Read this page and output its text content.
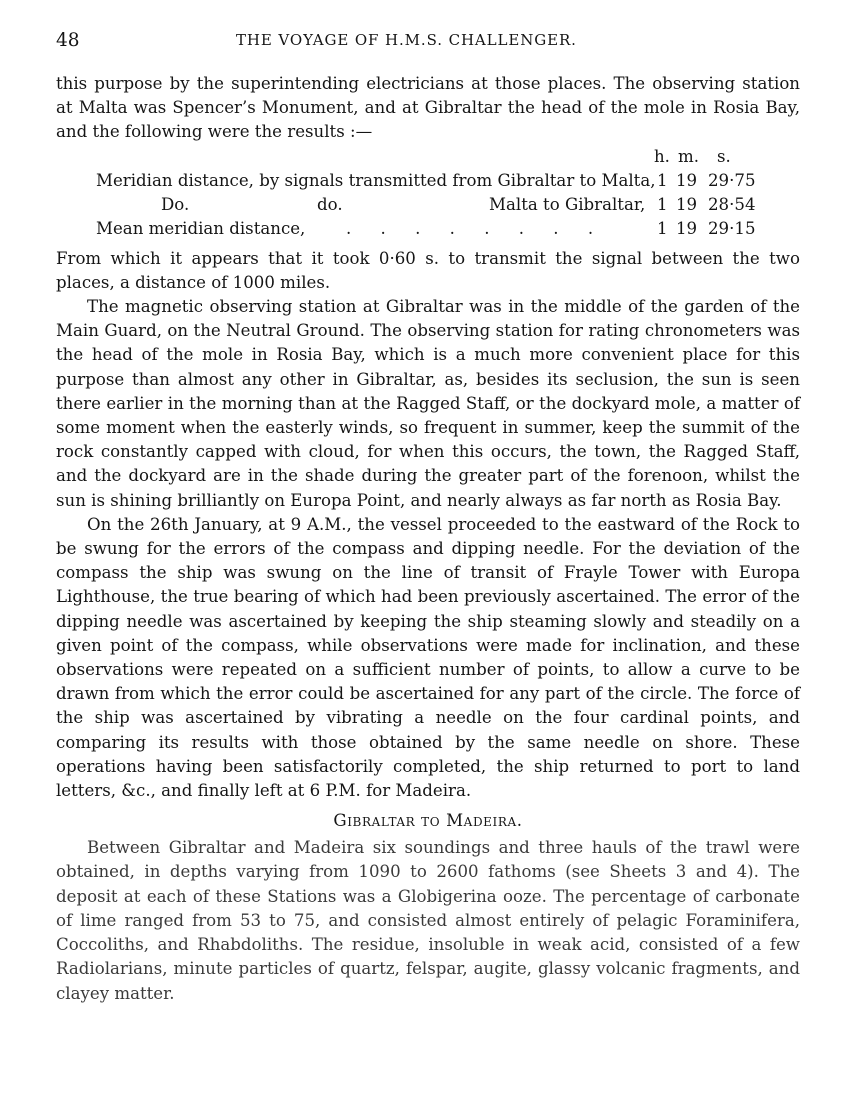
48	THE VOYAGE OF H.M.S. CHALLENGER.

this purpose by the superintending electricians at those places. The observing station at Malta was Spencer’s Monument, and at Gibraltar the head of the mole in Rosia Bay, and the following were the results :—

h. m. s.
Meridian distance, by signals transmitted from Gibraltar to Malta, 1 19 29·75
Do.	do.	Malta to Gibraltar, 1 19 28·54
Mean meridian distance, . . . . . . . .	1 19 29·15

From which it appears that it took 0·60 s. to transmit the signal between the two places, a distance of 1000 miles.

The magnetic observing station at Gibraltar was in the middle of the garden of the Main Guard, on the Neutral Ground. The observing station for rating chronometers was the head of the mole in Rosia Bay, which is a much more convenient place for this purpose than almost any other in Gibraltar, as, besides its seclusion, the sun is seen there earlier in the morning than at the Ragged Staff, or the dockyard mole, a matter of some moment when the easterly winds, so frequent in summer, keep the summit of the rock constantly capped with cloud, for when this occurs, the town, the Ragged Staff, and the dockyard are in the shade during the greater part of the forenoon, whilst the sun is shining brilliantly on Europa Point, and nearly always as far north as Rosia Bay.

On the 26th January, at 9 A.M., the vessel proceeded to the eastward of the Rock to be swung for the errors of the compass and dipping needle. For the deviation of the compass the ship was swung on the line of transit of Frayle Tower with Europa Lighthouse, the true bearing of which had been previously ascertained. The error of the dipping needle was ascertained by keeping the ship steaming slowly and steadily on a given point of the compass, while observations were made for inclination, and these observations were repeated on a sufficient number of points, to allow a curve to be drawn from which the error could be ascertained for any part of the circle. The force of the ship was ascertained by vibrating a needle on the four cardinal points, and comparing its results with those obtained by the same needle on shore. These operations having been satisfactorily completed, the ship returned to port to land letters, &c., and finally left at 6 P.M. for Madeira.

Gibraltar to Madeira.

Between Gibraltar and Madeira six soundings and three hauls of the trawl were obtained, in depths varying from 1090 to 2600 fathoms (see Sheets 3 and 4). The deposit at each of these Stations was a Globigerina ooze. The percentage of carbonate of lime ranged from 53 to 75, and consisted almost entirely of pelagic Foraminifera, Coccoliths, and Rhabdoliths. The residue, insoluble in weak acid, consisted of a few Radiolarians, minute particles of quartz, felspar, augite, glassy volcanic fragments, and clayey matter.
